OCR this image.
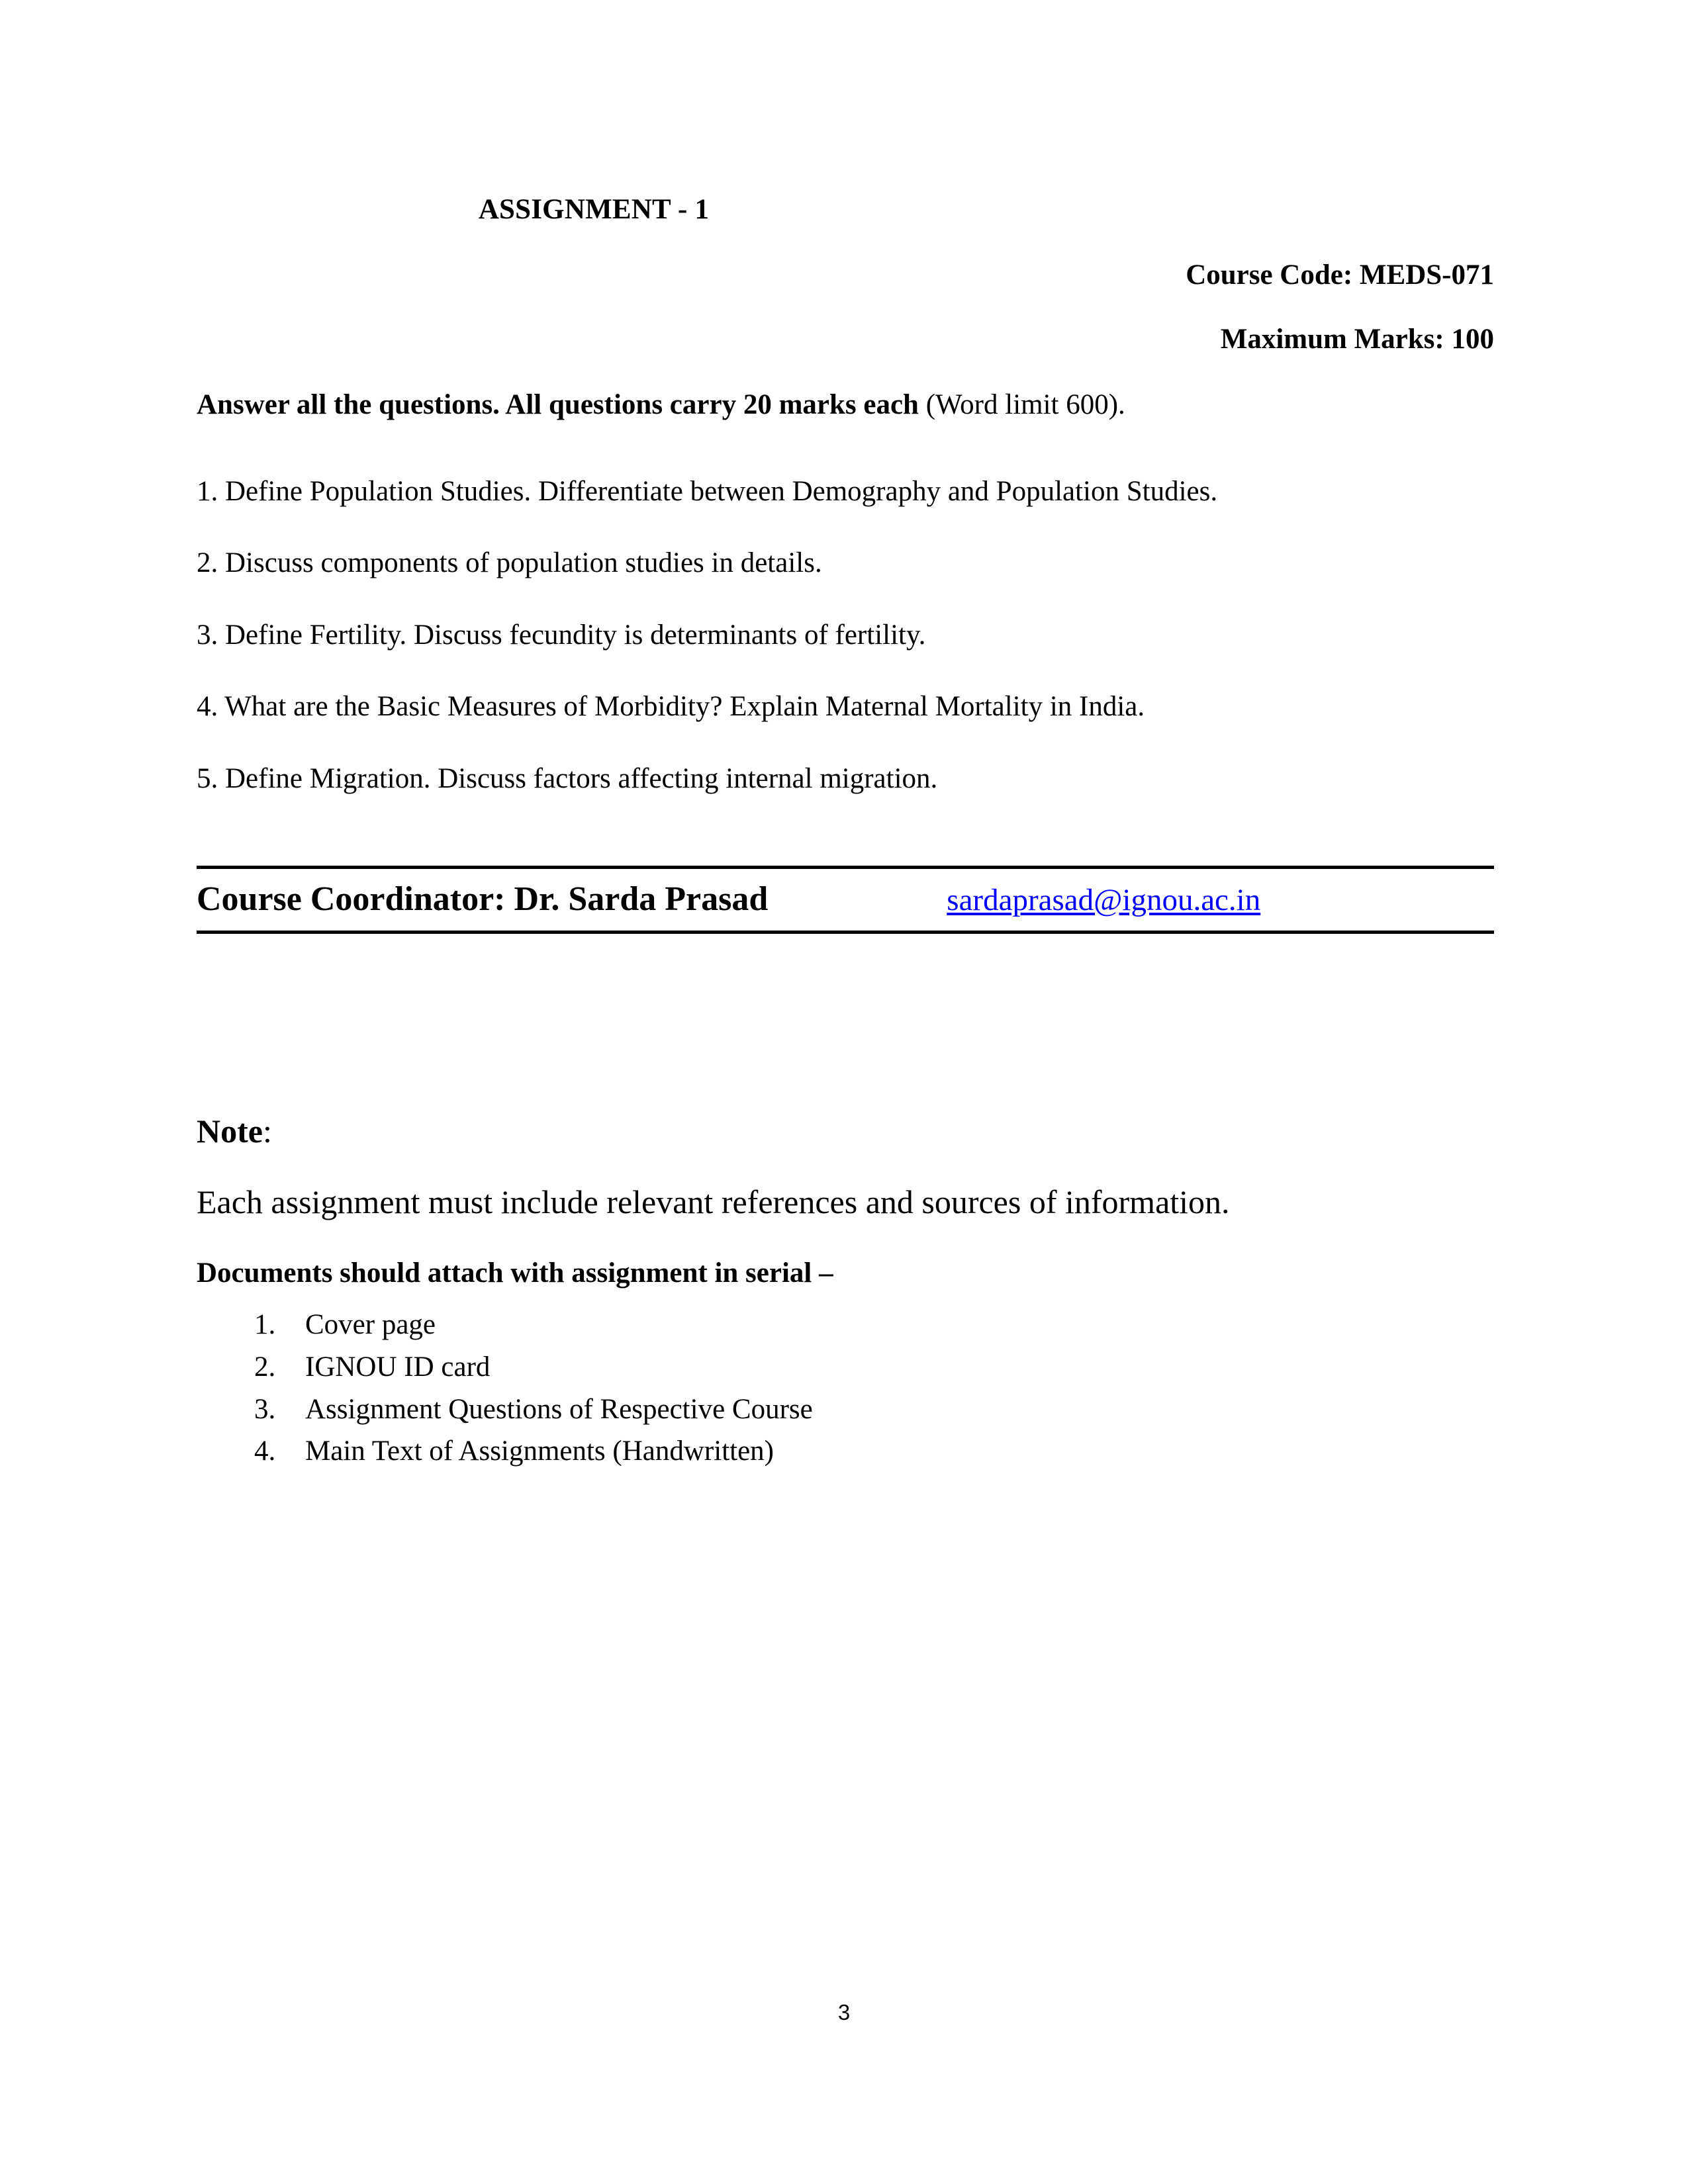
ASSIGNMENT - 1
Course Code: MEDS-071
Maximum Marks: 100
Answer all the questions. All questions carry 20 marks each (Word limit 600).
1. Define Population Studies. Differentiate between Demography and Population Studies.
2. Discuss components of population studies in details.
3. Define Fertility. Discuss fecundity is determinants of fertility.
4. What are the Basic Measures of Morbidity? Explain Maternal Mortality in India.
5. Define Migration. Discuss factors affecting internal migration.
Course Coordinator: Dr. Sarda Prasad	sardaprasad@ignou.ac.in
Note:
Each assignment must include relevant references and sources of information.
Documents should attach with assignment in serial –
1. Cover page
2. IGNOU ID card
3. Assignment Questions of Respective Course
4. Main Text of Assignments (Handwritten)
3
